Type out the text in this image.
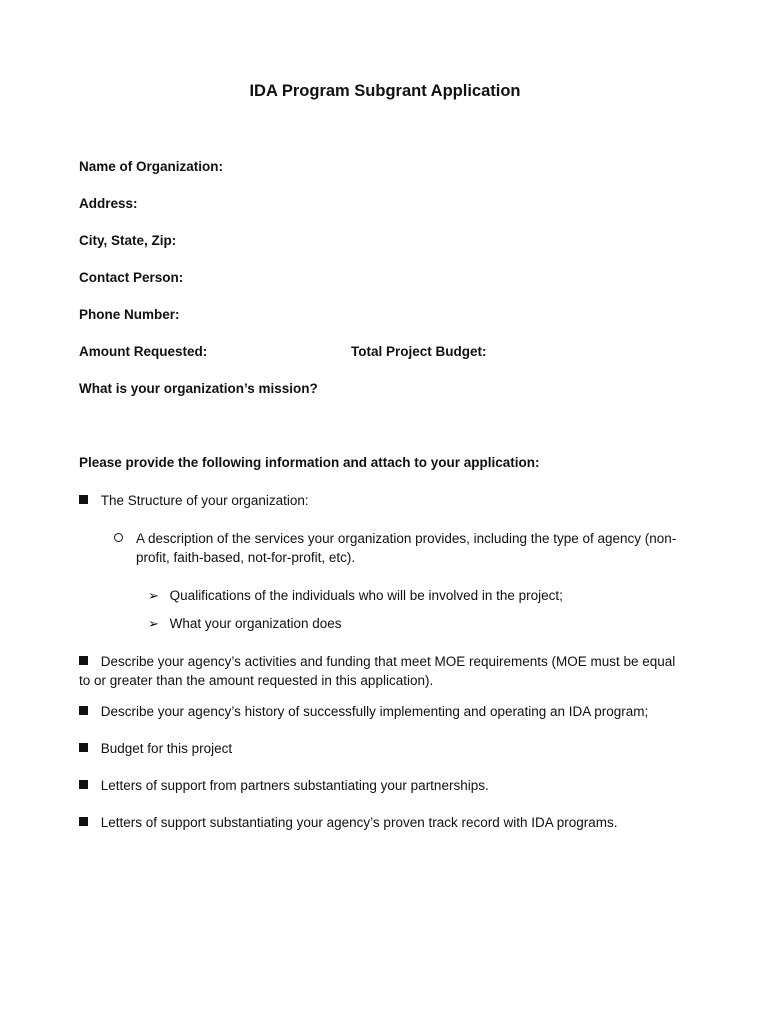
IDA Program Subgrant Application
Name of Organization:
Address:
City, State, Zip:
Contact Person:
Phone Number:
Amount Requested:	Total Project Budget:
What is your organization’s mission?
Please provide the following information and attach to your application:
The Structure of your organization:
A description of the services your organization provides, including the type of agency (non-
profit, faith-based, not-for-profit, etc).
➢ Qualifications of the individuals who will be involved in the project;
➢ What your organization does
Describe your agency’s activities and funding that meet MOE requirements (MOE must be equal
to or greater than the amount requested in this application).
Describe your agency’s history of successfully implementing and operating an IDA program;
Budget for this project
Letters of support from partners substantiating your partnerships.
Letters of support substantiating your agency’s proven track record with IDA programs.
